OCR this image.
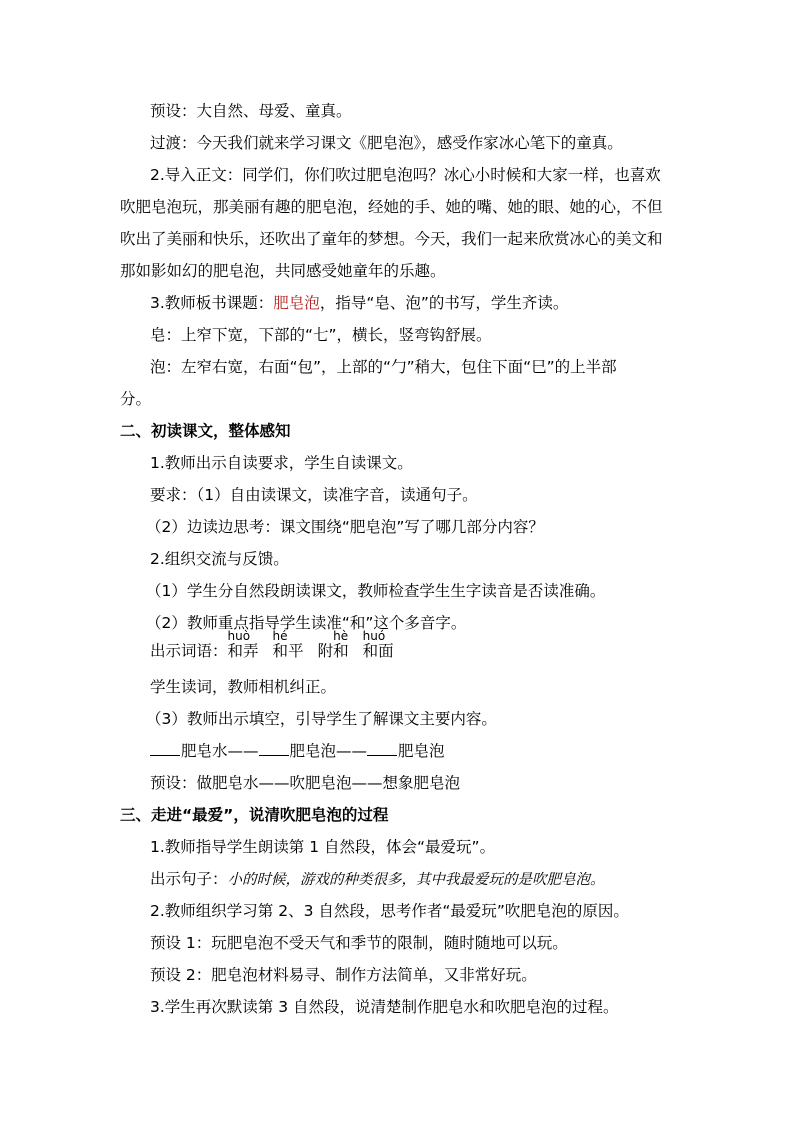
预设：大自然、母爱、童真。
过渡：今天我们就来学习课文《肥皂泡》，感受作家冰心笔下的童真。
2.导入正文：同学们，你们吹过肥皂泡吗？冰心小时候和大家一样，也喜欢
吹肥皂泡玩，那美丽有趣的肥皂泡，经她的手、她的嘴、她的眼、她的心，不但
吹出了美丽和快乐，还吹出了童年的梦想。今天，我们一起来欣赏冰心的美文和
那如影如幻的肥皂泡，共同感受她童年的乐趣。
3.教师板书课题：肥皂泡，指导“皂、泡”的书写，学生齐读。
皂：上窄下宽，下部的“七”，横长，竖弯钩舒展。
泡：左窄右宽，右面“包”，上部的“勹”稍大，包住下面“巳”的上半部
分。
二、初读课文，整体感知
1.教师出示自读要求，学生自读课文。
要求：（1）自由读课文，读准字音，读通句子。
（2）边读边思考：课文围绕“肥皂泡”写了哪几部分内容？
2.组织交流与反馈。
（1）学生分自然段朗读课文，教师检查学生生字读音是否读准确。
（2）教师重点指导学生读准“和”这个多音字。
出示词语：
huò
和弄
hé
和平 附
hè
和
huó
和面
学生读词，教师相机纠正。
（3）教师出示填空，引导学生了解课文主要内容。
肥皂水—— 肥皂泡—— 肥皂泡
预设：做肥皂水——吹肥皂泡——想象肥皂泡
三、走进“最爱”，说清吹肥皂泡的过程
1.教师指导学生朗读第 1 自然段，体会“最爱玩”。
出示句子：小的时候，游戏的种类很多，其中我最爱玩的是吹肥皂泡。
2.教师组织学习第 2、3 自然段，思考作者“最爱玩”吹肥皂泡的原因。
预设 1：玩肥皂泡不受天气和季节的限制，随时随地可以玩。
预设 2：肥皂泡材料易寻、制作方法简单，又非常好玩。
3.学生再次默读第 3 自然段，说清楚制作肥皂水和吹肥皂泡的过程。
